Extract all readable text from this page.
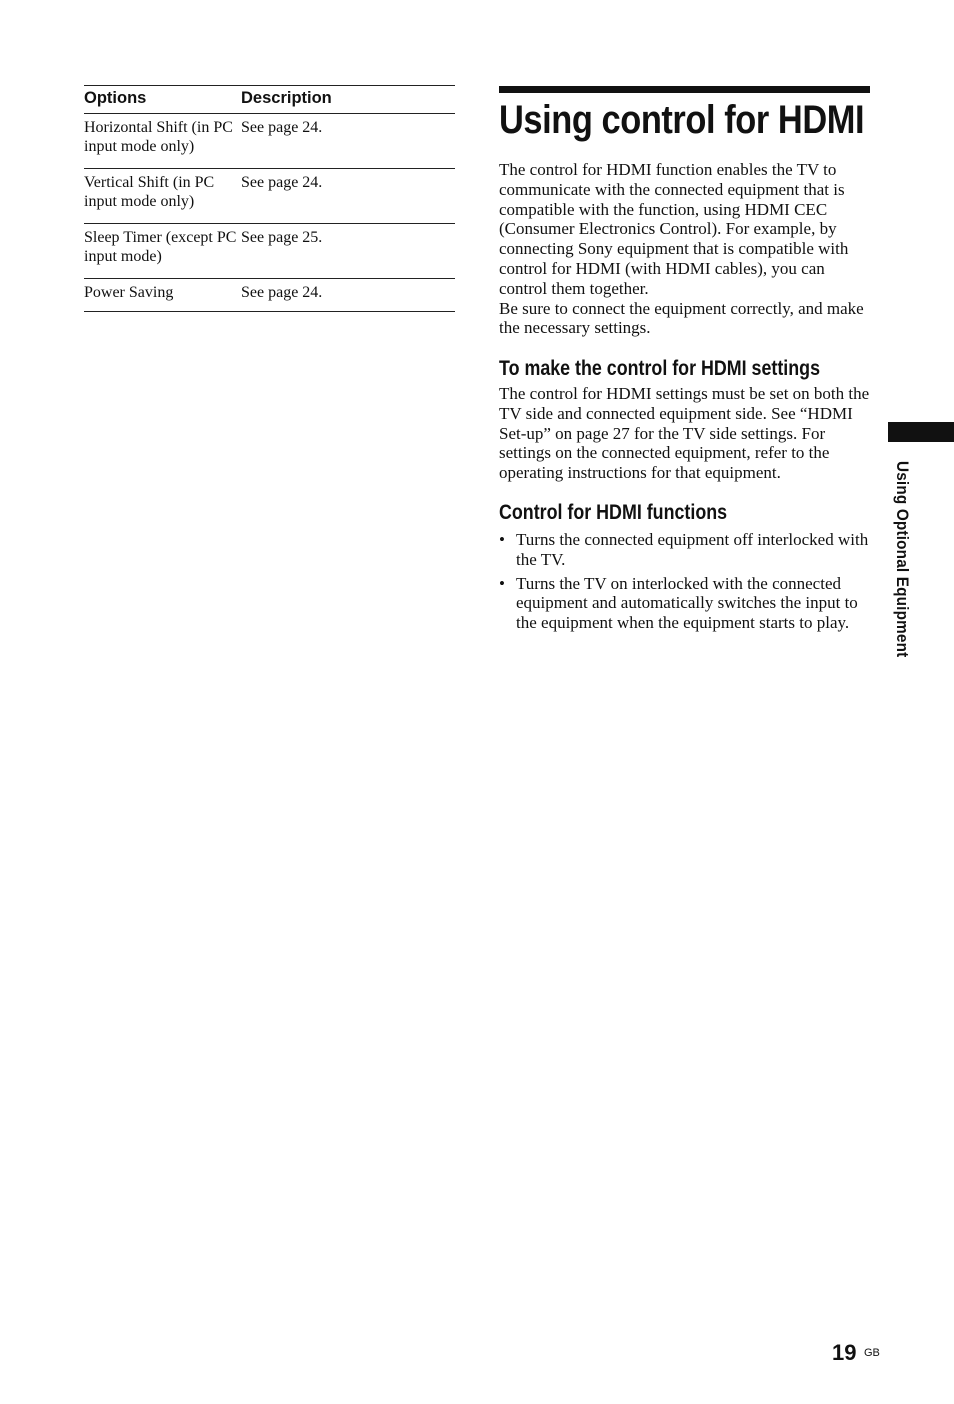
Options	Description
Horizontal Shift (in PC input mode only)	See page 24.
Vertical Shift (in PC input mode only)	See page 24.
Sleep Timer (except PC input mode)	See page 25.
Power Saving	See page 24.
Using control for HDMI

The control for HDMI function enables the TV to communicate with the connected equipment that is compatible with the function, using HDMI CEC (Consumer Electronics Control). For example, by connecting Sony equipment that is compatible with control for HDMI (with HDMI cables), you can control them together.

Be sure to connect the equipment correctly, and make the necessary settings.

To make the control for HDMI settings

The control for HDMI settings must be set on both the TV side and connected equipment side. See “HDMI Set-up” on page 27 for the TV side settings. For settings on the connected equipment, refer to the operating instructions for that equipment.

Control for HDMI functions
• Turns the connected equipment off interlocked with the TV.
• Turns the TV on interlocked with the connected equipment and automatically switches the input to the equipment when the equipment starts to play.	Using Optional Equipment
19 GB
